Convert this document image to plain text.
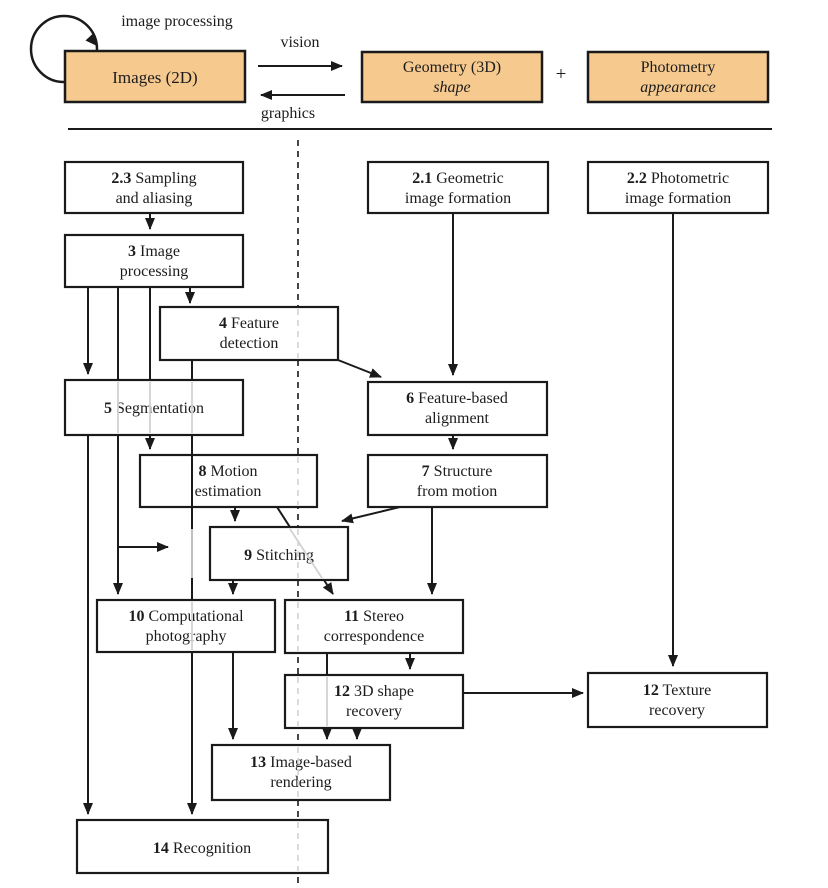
Images (2D)
Geometry (3D)
shape
Photometry
appearance
+
image processing
vision
graphics
2.3 Sampling and aliasing
3 Image processing
2.1 Geometric image formation
2.2 Photometric image formation
4 Feature detection
5 Segmentation
6 Feature-based alignment
8 Motion estimation
7 Structure from motion
9 Stitching
10 Computational photography
11 Stereo correspondence
12 3D shape recovery
12 Texture recovery
13 Image-based rendering
14 Recognition
